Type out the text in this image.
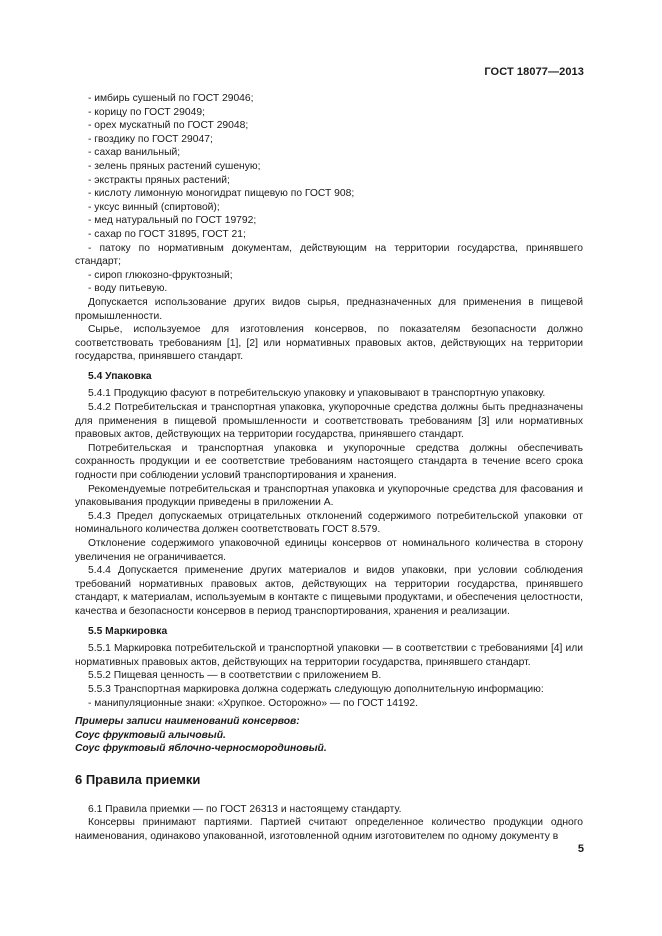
ГОСТ 18077—2013

- имбирь сушеный по ГОСТ 29046;

- корицу по ГОСТ 29049;

- орех мускатный по ГОСТ 29048;

- гвоздику по ГОСТ 29047;

- сахар ванильный;

- зелень пряных растений сушеную;

- экстракты пряных растений;

- кислоту лимонную моногидрат пищевую по ГОСТ 908;

- уксус винный (спиртовой);

- мед натуральный по ГОСТ 19792;

- сахар по ГОСТ 31895, ГОСТ 21;

- патоку по нормативным документам, действующим на территории государства, принявшего стандарт;

- сироп глюкозно-фруктозный;

- воду питьевую.

Допускается использование других видов сырья, предназначенных для применения в пищевой промышленности.

Сырье, используемое для изготовления консервов, по показателям безопасности должно соответствовать требованиям [1], [2] или нормативных правовых актов, действующих на территории государства, принявшего стандарт.

5.4 Упаковка

5.4.1 Продукцию фасуют в потребительскую упаковку и упаковывают в транспортную упаковку.

5.4.2 Потребительская и транспортная упаковка, укупорочные средства должны быть предназначены для применения в пищевой промышленности и соответствовать требованиям [3] или нормативных правовых актов, действующих на территории государства, принявшего стандарт.

Потребительская и транспортная упаковка и укупорочные средства должны обеспечивать сохранность продукции и ее соответствие требованиям настоящего стандарта в течение всего срока годности при соблюдении условий транспортирования и хранения.

Рекомендуемые потребительская и транспортная упаковка и укупорочные средства для фасования и упаковывания продукции приведены в приложении А.

5.4.3 Предел допускаемых отрицательных отклонений содержимого потребительской упаковки от номинального количества должен соответствовать ГОСТ 8.579.

Отклонение содержимого упаковочной единицы консервов от номинального количества в сторону увеличения не ограничивается.

5.4.4 Допускается применение других материалов и видов упаковки, при условии соблюдения требований нормативных правовых актов, действующих на территории государства, принявшего стандарт, к материалам, используемым в контакте с пищевыми продуктами, и обеспечения целостности, качества и безопасности консервов в период транспортирования, хранения и реализации.

5.5 Маркировка

5.5.1 Маркировка потребительской и транспортной упаковки — в соответствии с требованиями [4] или нормативных правовых актов, действующих на территории государства, принявшего стандарт.

5.5.2 Пищевая ценность — в соответствии с приложением В.

5.5.3 Транспортная маркировка должна содержать следующую дополнительную информацию:

- манипуляционные знаки: «Хрупкое. Осторожно» — по ГОСТ 14192.

Примеры записи наименований консервов:

Соус фруктовый алычовый.

Соус фруктовый яблочно-черносмородиновый.

6 Правила приемки

6.1 Правила приемки — по ГОСТ 26313 и настоящему стандарту.

Консервы принимают партиями. Партией считают определенное количество продукции одного наименования, одинаково упакованной, изготовленной одним изготовителем по одному документу в

5
